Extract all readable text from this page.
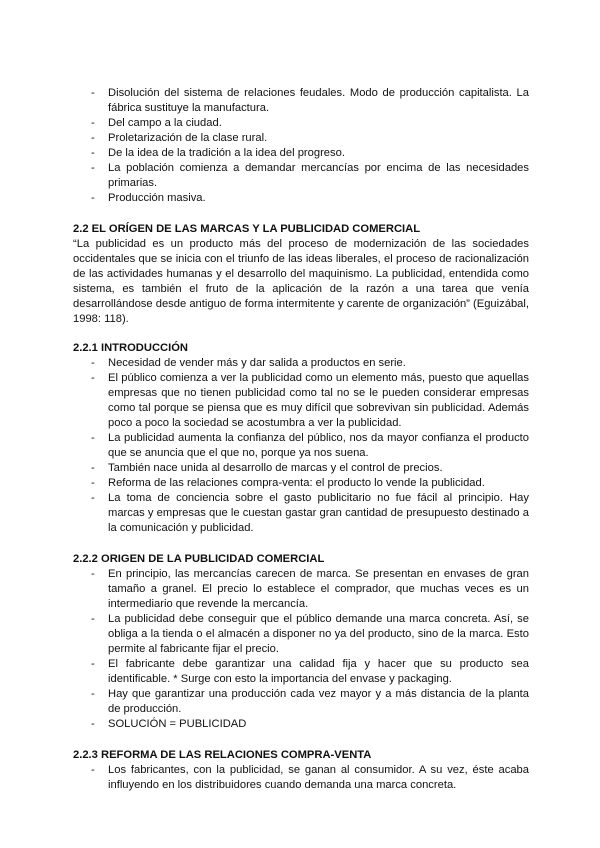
- Disolución del sistema de relaciones feudales. Modo de producción capitalista. La fábrica sustituye la manufactura.
- Del campo a la ciudad.
- Proletarización de la clase rural.
- De la idea de la tradición a la idea del progreso.
- La población comienza a demandar mercancías por encima de las necesidades primarias.
- Producción masiva.
2.2 EL ORÍGEN DE LAS MARCAS Y LA PUBLICIDAD COMERCIAL

“La publicidad es un producto más del proceso de modernización de las sociedades occidentales que se inicia con el triunfo de las ideas liberales, el proceso de racionalización de las actividades humanas y el desarrollo del maquinismo. La publicidad, entendida como sistema, es también el fruto de la aplicación de la razón a una tarea que venía desarrollándose desde antiguo de forma intermitente y carente de organización” (Eguizábal, 1998: 118).

2.2.1 INTRODUCCIÓN
- Necesidad de vender más y dar salida a productos en serie.
- El público comienza a ver la publicidad como un elemento más, puesto que aquellas empresas que no tienen publicidad como tal no se le pueden considerar empresas como tal porque se piensa que es muy difícil que sobrevivan sin publicidad. Además poco a poco la sociedad se acostumbra a ver la publicidad.
- La publicidad aumenta la confianza del público, nos da mayor confianza el producto que se anuncia que el que no, porque ya nos suena.
- También nace unida al desarrollo de marcas y el control de precios.
- Reforma de las relaciones compra-venta: el producto lo vende la publicidad.
- La toma de conciencia sobre el gasto publicitario no fue fácil al principio. Hay marcas y empresas que le cuestan gastar gran cantidad de presupuesto destinado a la comunicación y publicidad.
2.2.2 ORIGEN DE LA PUBLICIDAD COMERCIAL
- En principio, las mercancías carecen de marca. Se presentan en envases de gran tamaño a granel. El precio lo establece el comprador, que muchas veces es un intermediario que revende la mercancía.
- La publicidad debe conseguir que el público demande una marca concreta. Así, se obliga a la tienda o el almacén a disponer no ya del producto, sino de la marca. Esto permite al fabricante fijar el precio.
- El fabricante debe garantizar una calidad fija y hacer que su producto sea identificable. * Surge con esto la importancia del envase y packaging.
- Hay que garantizar una producción cada vez mayor y a más distancia de la planta de producción.
- SOLUCIÓN = PUBLICIDAD
2.2.3 REFORMA DE LAS RELACIONES COMPRA-VENTA
- Los fabricantes, con la publicidad, se ganan al consumidor. A su vez, éste acaba influyendo en los distribuidores cuando demanda una marca concreta.
